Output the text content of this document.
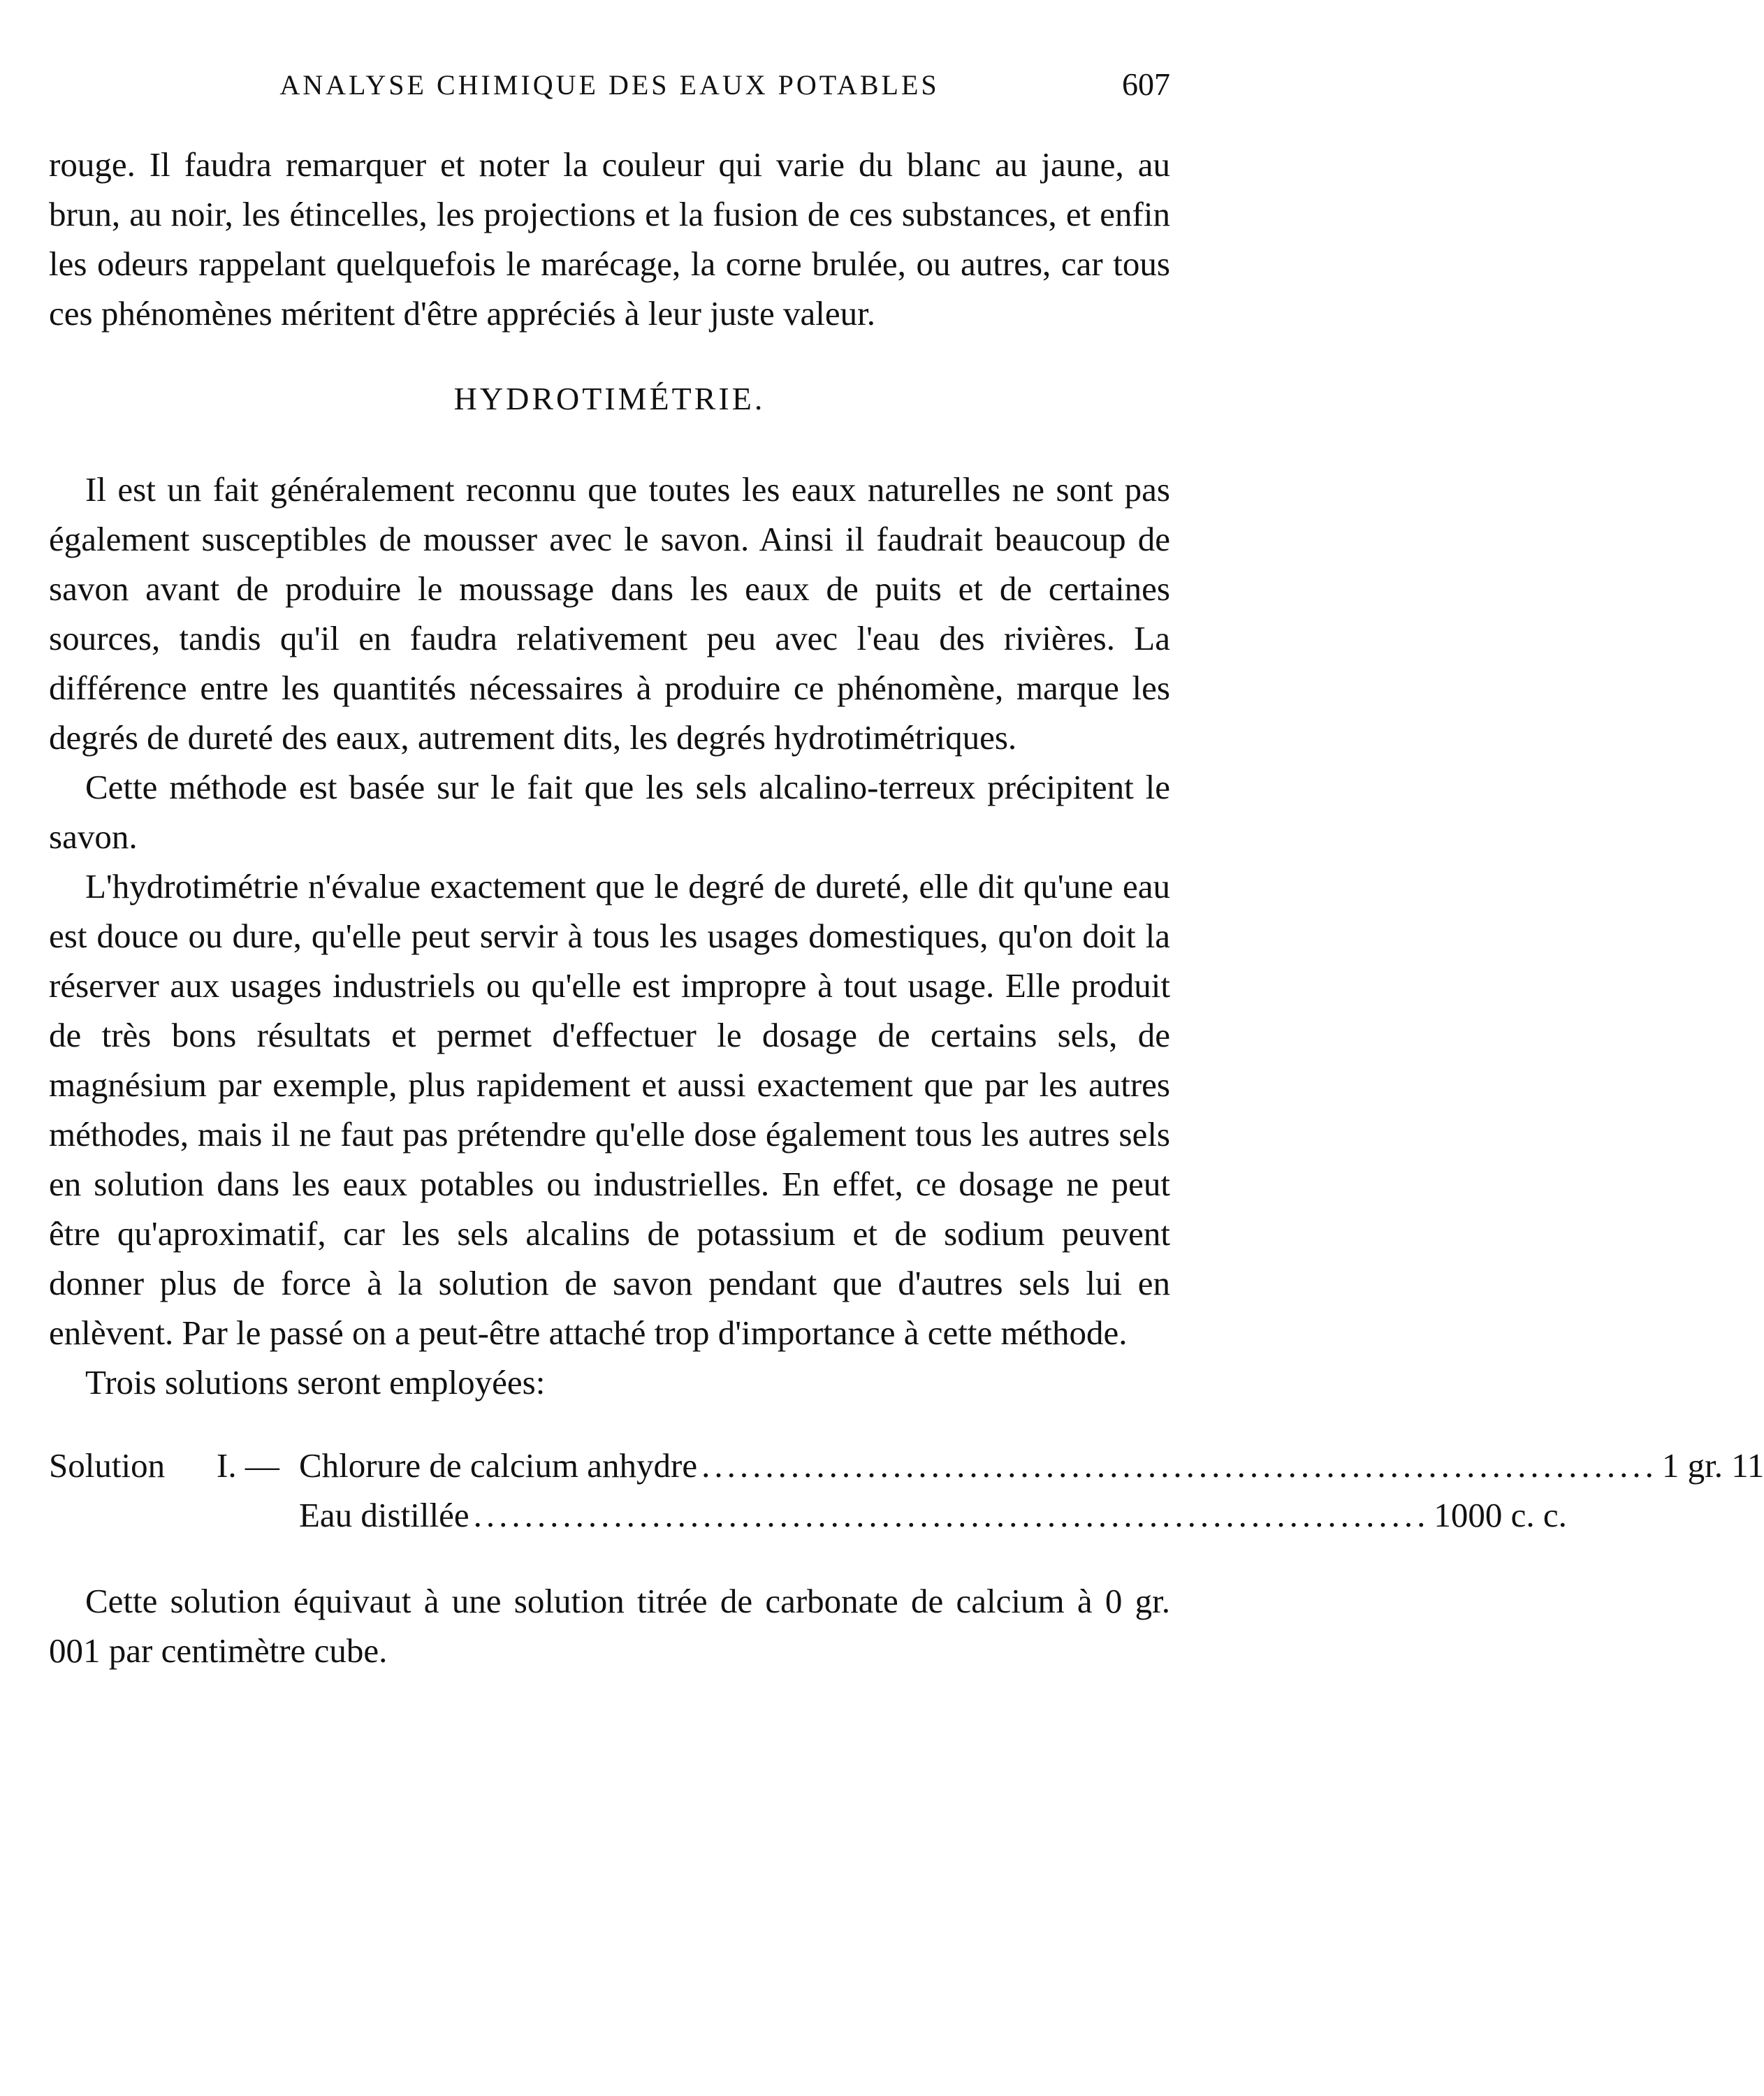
ANALYSE CHIMIQUE DES EAUX POTABLES	607

rouge. Il faudra remarquer et noter la couleur qui varie du blanc au jaune, au brun, au noir, les étincelles, les projections et la fusion de ces substances, et enfin les odeurs rappelant quelquefois le marécage, la corne brulée, ou autres, car tous ces phénomènes méritent d'être appréciés à leur juste valeur.

HYDROTIMÉTRIE.

Il est un fait généralement reconnu que toutes les eaux naturelles ne sont pas également susceptibles de mousser avec le savon. Ainsi il faudrait beaucoup de savon avant de produire le moussage dans les eaux de puits et de certaines sources, tandis qu'il en faudra relativement peu avec l'eau des rivières. La différence entre les quantités nécessaires à produire ce phénomène, marque les degrés de dureté des eaux, autrement dits, les degrés hydrotimétriques.

Cette méthode est basée sur le fait que les sels alcalino-terreux précipitent le savon.

L'hydrotimétrie n'évalue exactement que le degré de dureté, elle dit qu'une eau est douce ou dure, qu'elle peut servir à tous les usages domestiques, qu'on doit la réserver aux usages industriels ou qu'elle est impropre à tout usage. Elle produit de très bons résultats et permet d'effectuer le dosage de certains sels, de magnésium par exemple, plus rapidement et aussi exactement que par les autres méthodes, mais il ne faut pas prétendre qu'elle dose également tous les autres sels en solution dans les eaux potables ou industrielles. En effet, ce dosage ne peut être qu'aproximatif, car les sels alcalins de potassium et de sodium peuvent donner plus de force à la solution de savon pendant que d'autres sels lui en enlèvent. Par le passé on a peut-être attaché trop d'importance à cette méthode.

Trois solutions seront employées:

Solution	I. — Chlorure de calcium anhydre ........................................................................... 1 gr. 11
Eau distillée ........................................................................... 1000 c. c.

Cette solution équivaut à une solution titrée de carbonate de calcium à 0 gr. 001 par centimètre cube.
